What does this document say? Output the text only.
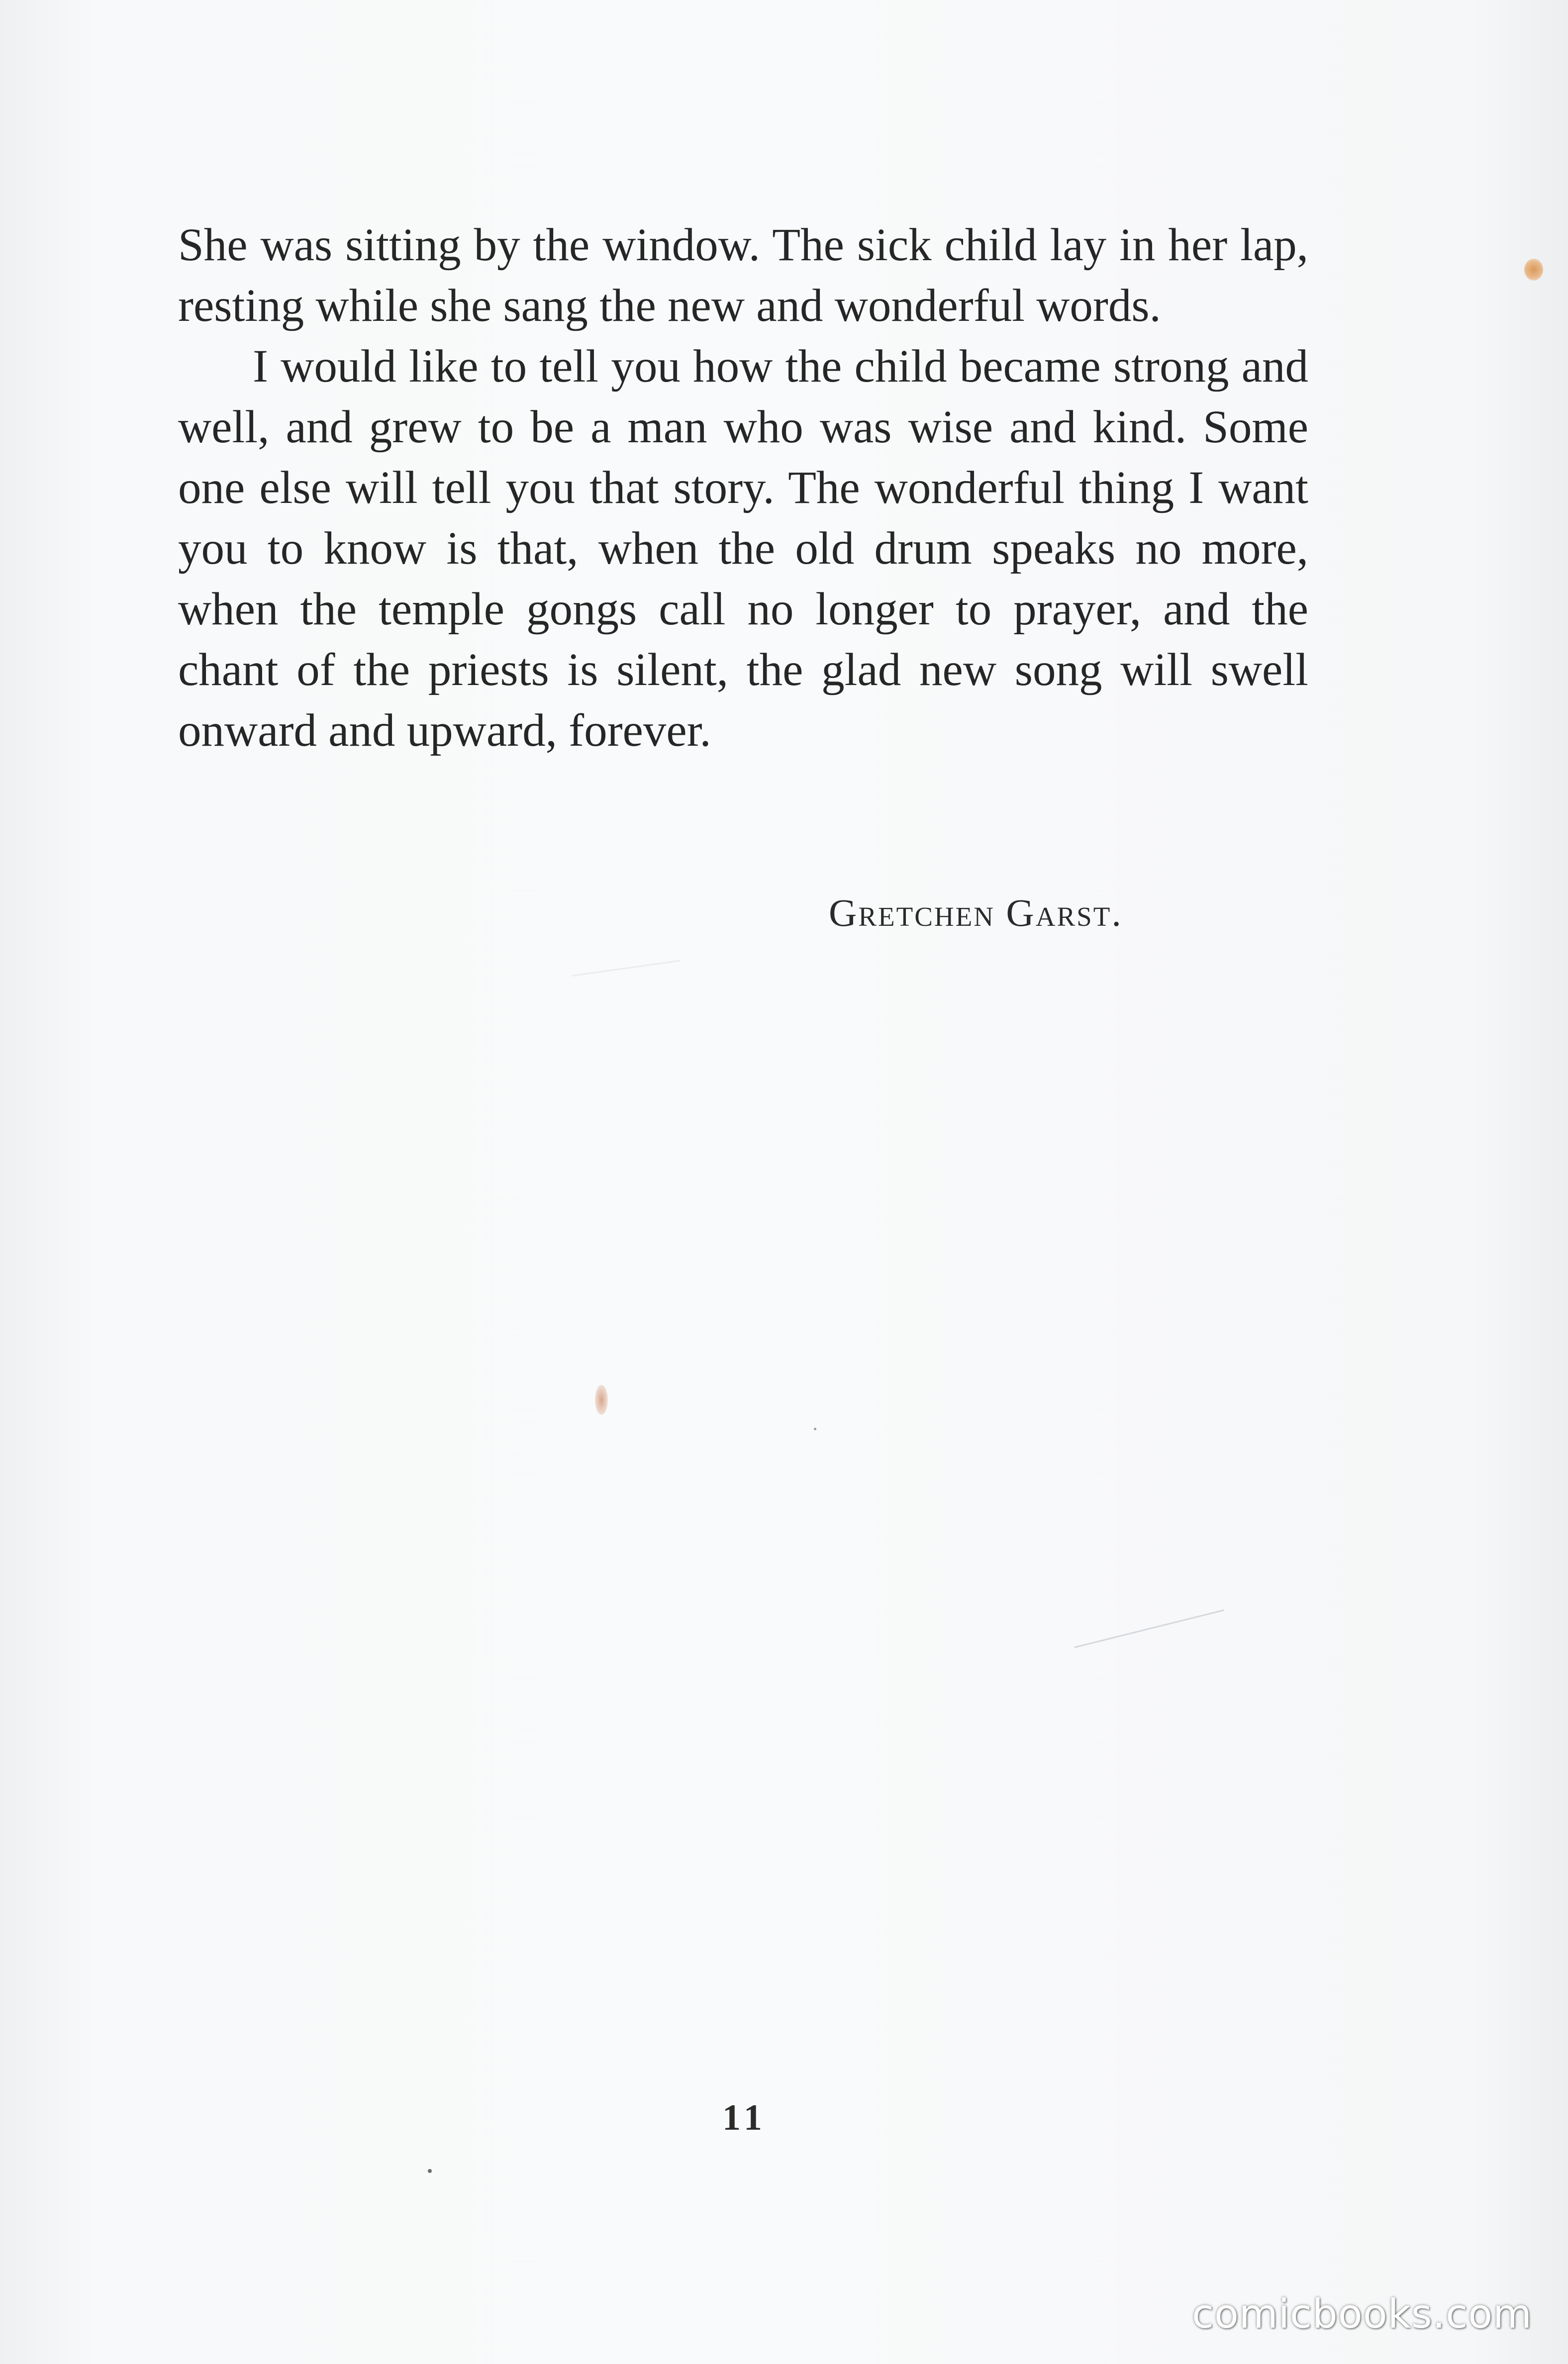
She was sitting by the window. The sick child lay in her lap, resting while she sang the new and wonderful words.

I would like to tell you how the child became strong and well, and grew to be a man who was wise and kind. Some one else will tell you that story. The wonderful thing I want you to know is that, when the old drum speaks no more, when the temple gongs call no longer to prayer, and the chant of the priests is silent, the glad new song will swell onward and upward, forever.

Gretchen Garst.
11
comicbooks.com
